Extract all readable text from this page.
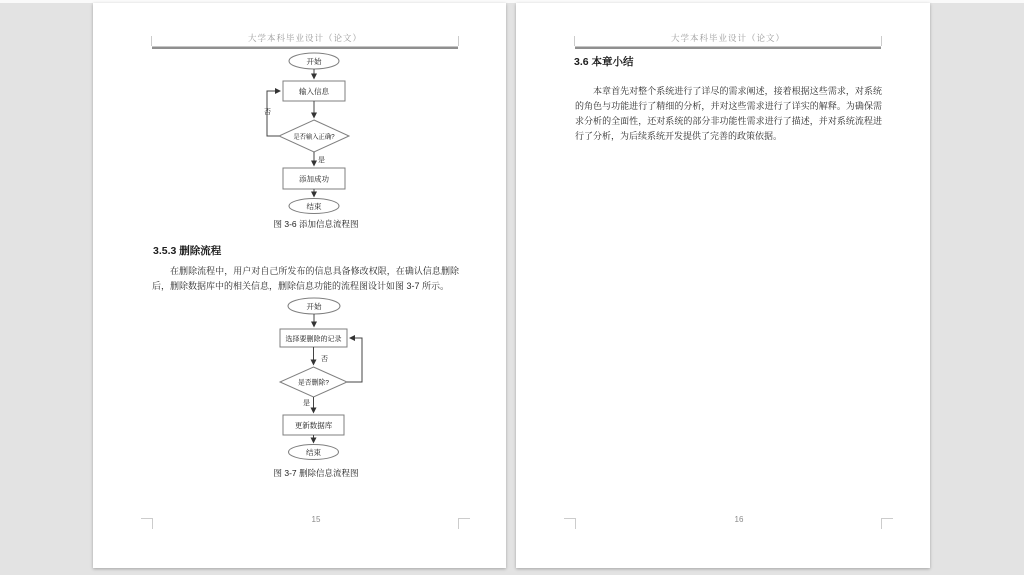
大学本科毕业设计（论文）
开始
输入信息
是否输入正确?
否
是
添加成功
结束
图 3-6 添加信息流程图
3.5.3 删除流程
在删除流程中，用户对自己所发布的信息具备修改权限，在确认信息删除后，删除数据库中的相关信息，删除信息功能的流程图设计如图 3-7 所示。
开始
选择要删除的记录
否
是否删除?
是
更新数据库
结束
图 3-7 删除信息流程图
15
大学本科毕业设计（论文）
3.6 本章小结
本章首先对整个系统进行了详尽的需求阐述，接着根据这些需求，对系统的角色与功能进行了精细的分析，并对这些需求进行了详实的解释。为确保需求分析的全面性，还对系统的部分非功能性需求进行了描述，并对系统流程进行了分析，为后续系统开发提供了完善的政策依据。
16
